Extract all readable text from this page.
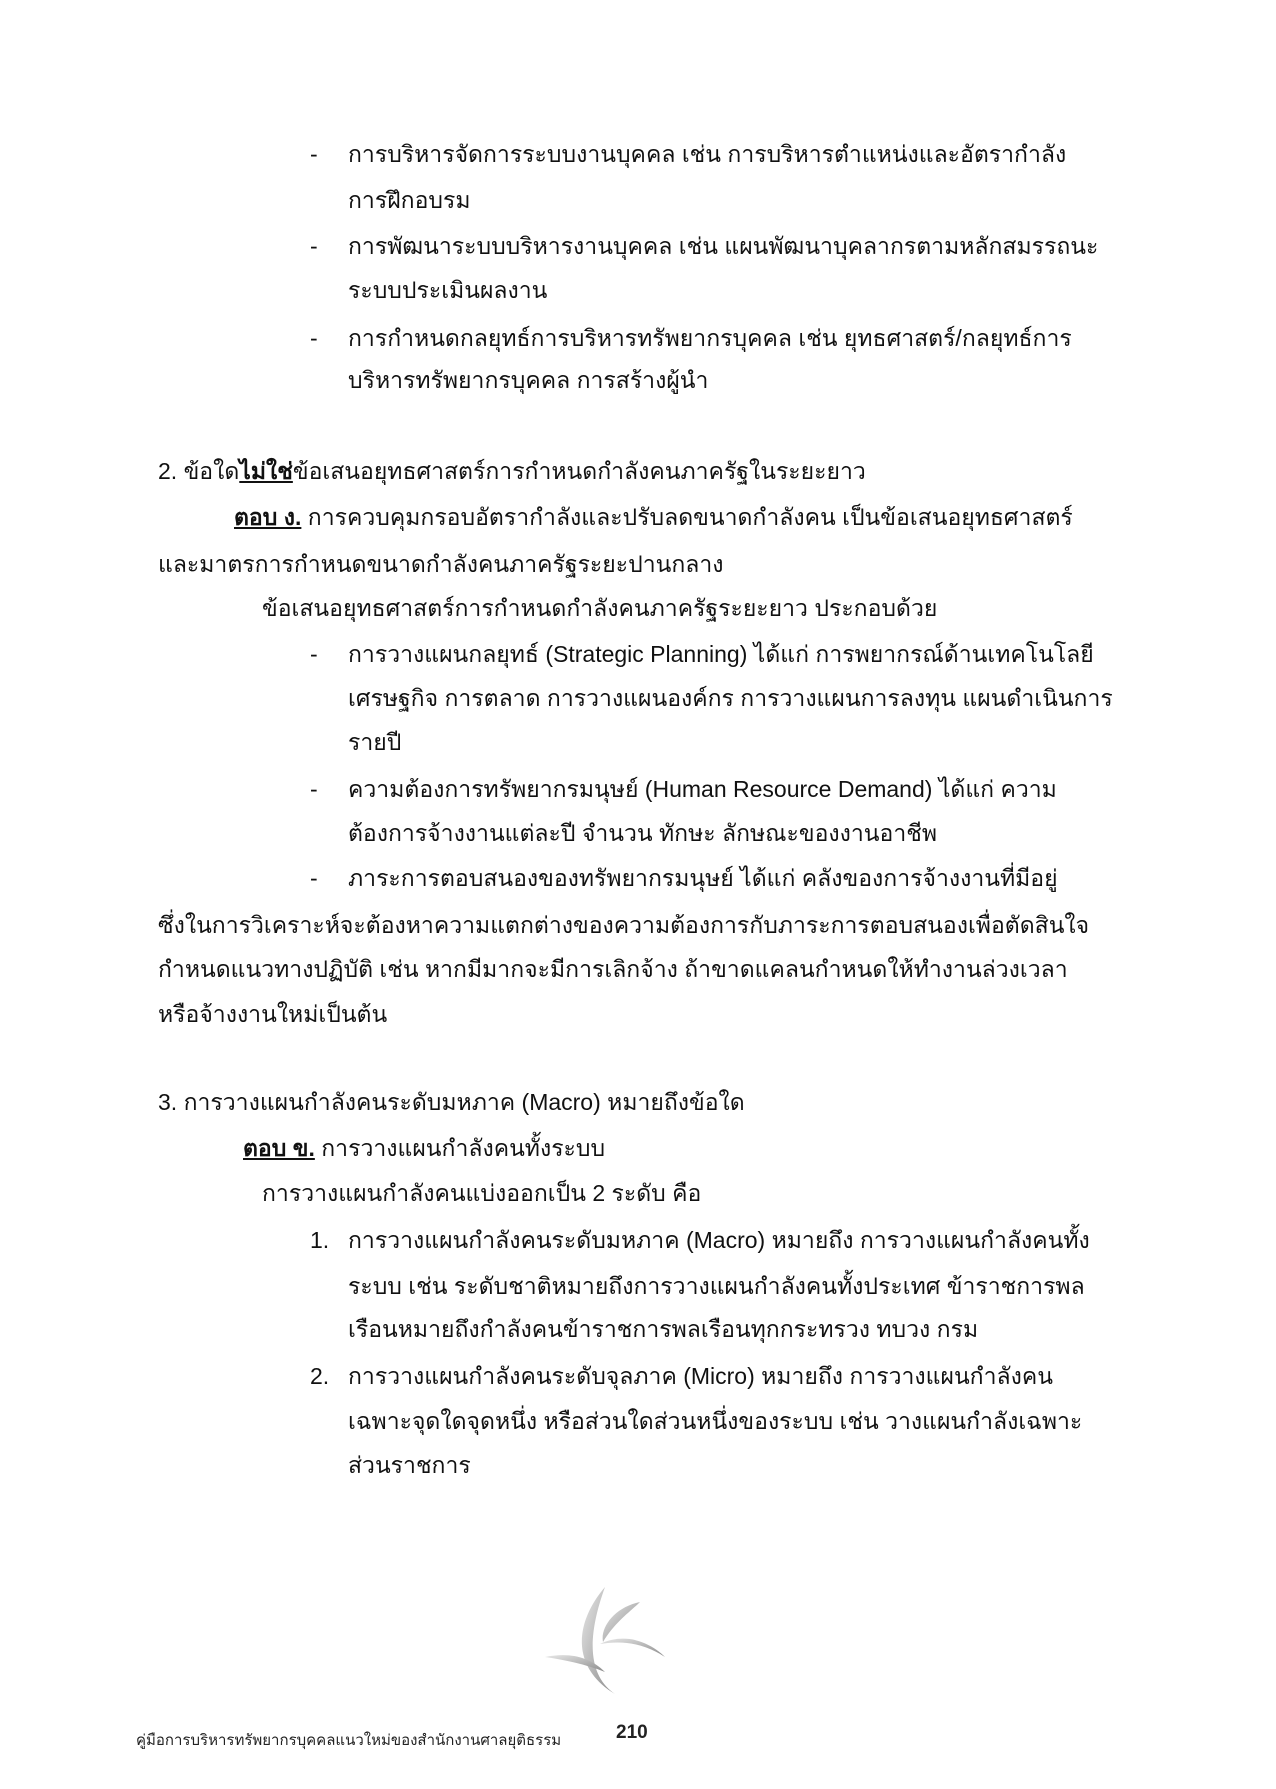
- การบริหารจัดการระบบงานบุคคล เช่น การบริหารตำแหน่งและอัตรากำลัง
การฝึกอบรม
- การพัฒนาระบบบริหารงานบุคคล เช่น แผนพัฒนาบุคลากรตามหลักสมรรถนะ
ระบบประเมินผลงาน
- การกำหนดกลยุทธ์การบริหารทรัพยากรบุคคล เช่น ยุทธศาสตร์/กลยุทธ์การ
บริหารทรัพยากรบุคคล การสร้างผู้นำ
2. ข้อใดไม่ใช่ข้อเสนอยุทธศาสตร์การกำหนดกำลังคนภาครัฐในระยะยาว
ตอบ ง. การควบคุมกรอบอัตรากำลังและปรับลดขนาดกำลังคน เป็นข้อเสนอยุทธศาสตร์
และมาตรการกำหนดขนาดกำลังคนภาครัฐระยะปานกลาง
ข้อเสนอยุทธศาสตร์การกำหนดกำลังคนภาครัฐระยะยาว ประกอบด้วย
- การวางแผนกลยุทธ์ (Strategic Planning) ได้แก่ การพยากรณ์ด้านเทคโนโลยี
เศรษฐกิจ การตลาด การวางแผนองค์กร การวางแผนการลงทุน แผนดำเนินการ
รายปี
- ความต้องการทรัพยากรมนุษย์ (Human Resource Demand) ได้แก่ ความ
ต้องการจ้างงานแต่ละปี จำนวน ทักษะ ลักษณะของงานอาชีพ
- ภาระการตอบสนองของทรัพยากรมนุษย์ ได้แก่ คลังของการจ้างงานที่มีอยู่
ซึ่งในการวิเคราะห์จะต้องหาความแตกต่างของความต้องการกับภาระการตอบสนองเพื่อตัดสินใจ
กำหนดแนวทางปฏิบัติ เช่น หากมีมากจะมีการเลิกจ้าง ถ้าขาดแคลนกำหนดให้ทำงานล่วงเวลา
หรือจ้างงานใหม่เป็นต้น
3. การวางแผนกำลังคนระดับมหภาค (Macro) หมายถึงข้อใด
ตอบ ข. การวางแผนกำลังคนทั้งระบบ
การวางแผนกำลังคนแบ่งออกเป็น 2 ระดับ คือ
1. การวางแผนกำลังคนระดับมหภาค (Macro) หมายถึง การวางแผนกำลังคนทั้ง
ระบบ เช่น ระดับชาติหมายถึงการวางแผนกำลังคนทั้งประเทศ ข้าราชการพล
เรือนหมายถึงกำลังคนข้าราชการพลเรือนทุกกระทรวง ทบวง กรม
2. การวางแผนกำลังคนระดับจุลภาค (Micro) หมายถึง การวางแผนกำลังคน
เฉพาะจุดใดจุดหนึ่ง หรือส่วนใดส่วนหนึ่งของระบบ เช่น วางแผนกำลังเฉพาะ
ส่วนราชการ
คู่มือการบริหารทรัพยากรบุคคลแนวใหม่ของสำนักงานศาลยุติธรรม	210
